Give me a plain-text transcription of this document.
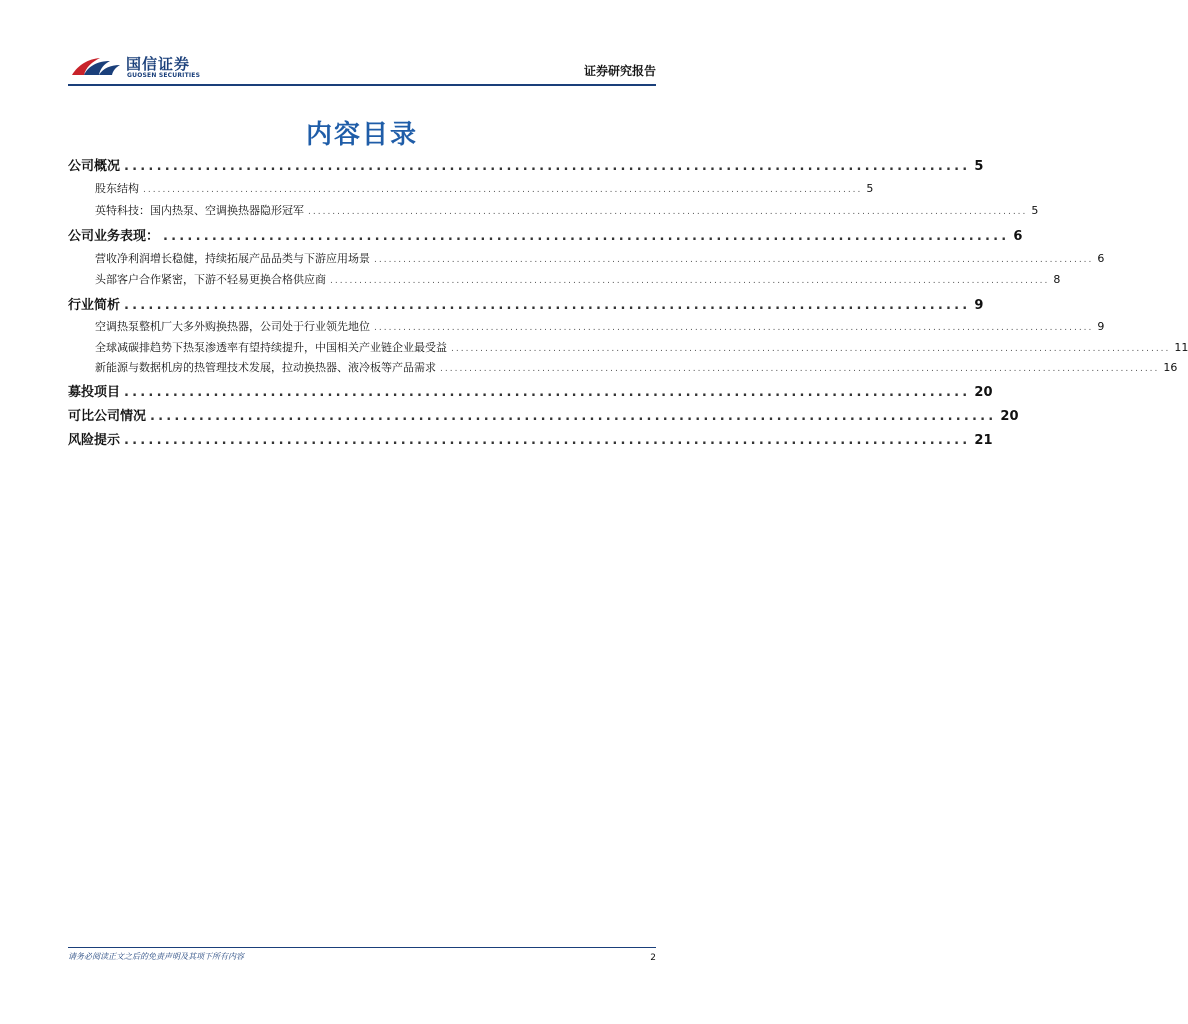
国信证券
GUOSEN SECURITIES	证券研究报告
内容目录
公司概况 ........................................................................................................ 5
股东结构 .................................................................................................................................................... 5
英特科技：国内热泵、空调换热器隐形冠军 .................................................................................................................................................... 5
公司业务表现： ........................................................................................................ 6
营收净利润增长稳健，持续拓展产品品类与下游应用场景 .................................................................................................................................................... 6
头部客户合作紧密，下游不轻易更换合格供应商 .................................................................................................................................................... 8
行业简析 ........................................................................................................ 9
空调热泵整机厂大多外购换热器，公司处于行业领先地位 .................................................................................................................................................... 9
全球减碳排趋势下热泵渗透率有望持续提升，中国相关产业链企业最受益 .................................................................................................................................................... 11
新能源与数据机房的热管理技术发展，拉动换热器、液冷板等产品需求 .................................................................................................................................................... 16
募投项目 ........................................................................................................ 20
可比公司情况 ........................................................................................................ 20
风险提示 ........................................................................................................ 21
请务必阅读正文之后的免责声明及其项下所有内容	2
